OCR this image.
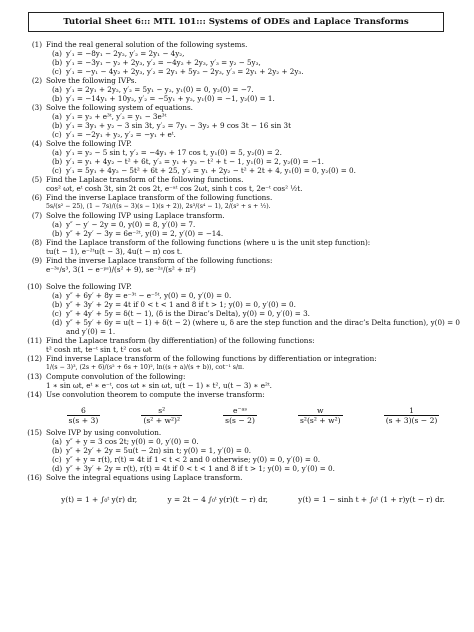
Tutorial Sheet 6::: MTL 101::: Systems of ODEs and Laplace Transforms
(1) Find the real general solution of the following systems.
(a) y′₁ = −8y₁ − 2y₂, y′₂ = 2y₁ − 4y₂,
(b) y′₁ = −3y₁ − y₂ + 2y₃, y′₂ = −4y₂ + 2y₃, y′₃ = y₂ − 5y₃,
(c) y′₁ = −y₁ − 4y₂ + 2y₃, y′₂ = 2y₁ + 5y₂ − 2y₃, y′₃ = 2y₁ + 2y₂ + 2y₃.
(2) Solve the following IVPs.
(a) y′₁ = 2y₁ + 2y₂, y′₂ = 5y₁ − y₂, y₁(0) = 0, y₂(0) = −7.
(b) y′₁ = −14y₁ + 10y₂, y′₂ = −5y₁ + y₂, y₁(0) = −1, y₂(0) = 1.
(3) Solve the following system of equations.
(a) y′₁ = y₂ + e³ᵗ, y′₂ = y₁ − 3e³ᵗ
(b) y′₁ = 3y₁ + y₂ − 3 sin 3t, y′₂ = 7y₁ − 3y₂ + 9 cos 3t − 16 sin 3t
(c) y′₁ = −2y₁ + y₂, y′₂ = −y₁ + eᵗ.
(4) Solve the following IVP.
(a) y′₁ = y₂ − 5 sin t, y′₂ = −4y₁ + 17 cos t, y₁(0) = 5, y₂(0) = 2.
(b) y′₁ = y₁ + 4y₂ − t² + 6t, y′₂ = y₁ + y₂ − t² + t − 1, y₁(0) = 2, y₂(0) = −1.
(c) y′₁ = 5y₁ + 4y₂ − 5t² + 6t + 25, y′₂ = y₁ + 2y₂ − t² + 2t + 4, y₁(0) = 0, y₂(0) = 0.
(5) Find the Laplace transform of the following functions.
cos² ωt, eᵗ cosh 3t, sin 2t cos 2t, e⁻ᵃᵗ cos 2ωt, sinh t cos t, 2e⁻ᵗ cos² ½t.
(6) Find the inverse Laplace transform of the following functions.
5s/(s² − 25), (1 − 7s)/((s − 3)(s − 1)(s + 2)), 2s³/(s⁴ − 1), 2/(s² + s + ½).
(7) Solve the following IVP using Laplace transform.
(a) y″ − y′ − 2y = 0, y(0) = 8, y′(0) = 7.
(b) y″ + 2y′ − 3y = 6e⁻²ᵗ, y(0) = 2, y′(0) = −14.
(8) Find the Laplace transform of the following functions (where u is the unit step function):
tu(t − 1), e⁻²ᵗu(t − 3), 4u(t − π) cos t.
(9) Find the inverse Laplace transform of the following functions:
e⁻³ˢ/s³, 3(1 − e⁻ᵖˢ)/(s² + 9), se⁻²ˢ/(s² + π²)
(10) Solve the following IVP.
(a) y″ + 6y′ + 8y = e⁻³ᵗ − e⁻⁵ᵗ, y(0) = 0, y′(0) = 0.
(b) y″ + 3y′ + 2y = 4t if 0 < t < 1 and 8 if t > 1; y(0) = 0, y′(0) = 0.
(c) y″ + 4y′ + 5y = δ(t − 1), (δ is the Dirac’s Delta), y(0) = 0, y′(0) = 3.
(d) y″ + 5y′ + 6y = u(t − 1) + δ(t − 2) (where u, δ are the step function and the dirac’s Delta function), y(0) = 0 and y′(0) = 1.
(11) Find the Laplace transform (by differentiation) of the following functions:
t² cosh πt, te⁻ᵗ sin t, t² cos ωt
(12) Find inverse Laplace transform of the following functions by differentiation or integration:
1/(s − 3)³, (2s + 6)/(s² + 6s + 10)², ln((s + a)/(s + b)), cot⁻¹ s/π.
(13) Compute convolution of the following:
1 ∗ sin ωt, eᵗ ∗ e⁻ᵗ, cos ωt ∗ sin ωt, u(t − 1) ∗ t², u(t − 3) ∗ e²ᵗ.
(14) Use convolution theorem to compute the inverse transform:
$\frac{6}{s(s + 3)}$	$\frac{\text{s²}}{\text{(s² + w²)²}}$	$\frac{\text{e⁻ᵃˢ}}{s(s - 2)}$	$\frac{w}{\text{s²(s² + w²)}}$	$\frac{1}{(s + 3)(s - 2)}$
(15) Solve IVP by using convolution.
(a) y″ + y = 3 cos 2t; y(0) = 0, y′(0) = 0.
(b) y″ + 2y′ + 2y = 5u(t − 2π) sin t; y(0) = 1, y′(0) = 0.
(c) y″ + y = r(t), r(t) = 4t if 1 < t < 2 and 0 otherwise; y(0) = 0, y′(0) = 0.
(d) y″ + 3y′ + 2y = r(t), r(t) = 4t if 0 < t < 1 and 8 if t > 1; y(0) = 0, y′(0) = 0.
(16) Solve the integral equations using Laplace transform.
y(t) = 1 + ∫₀ᵗ y(r) dr,	y = 2t − 4 ∫₀ᵗ y(r)(t − r) dr,	y(t) = 1 − sinh t + ∫₀ᵗ (1 + r)y(t − r) dr.
